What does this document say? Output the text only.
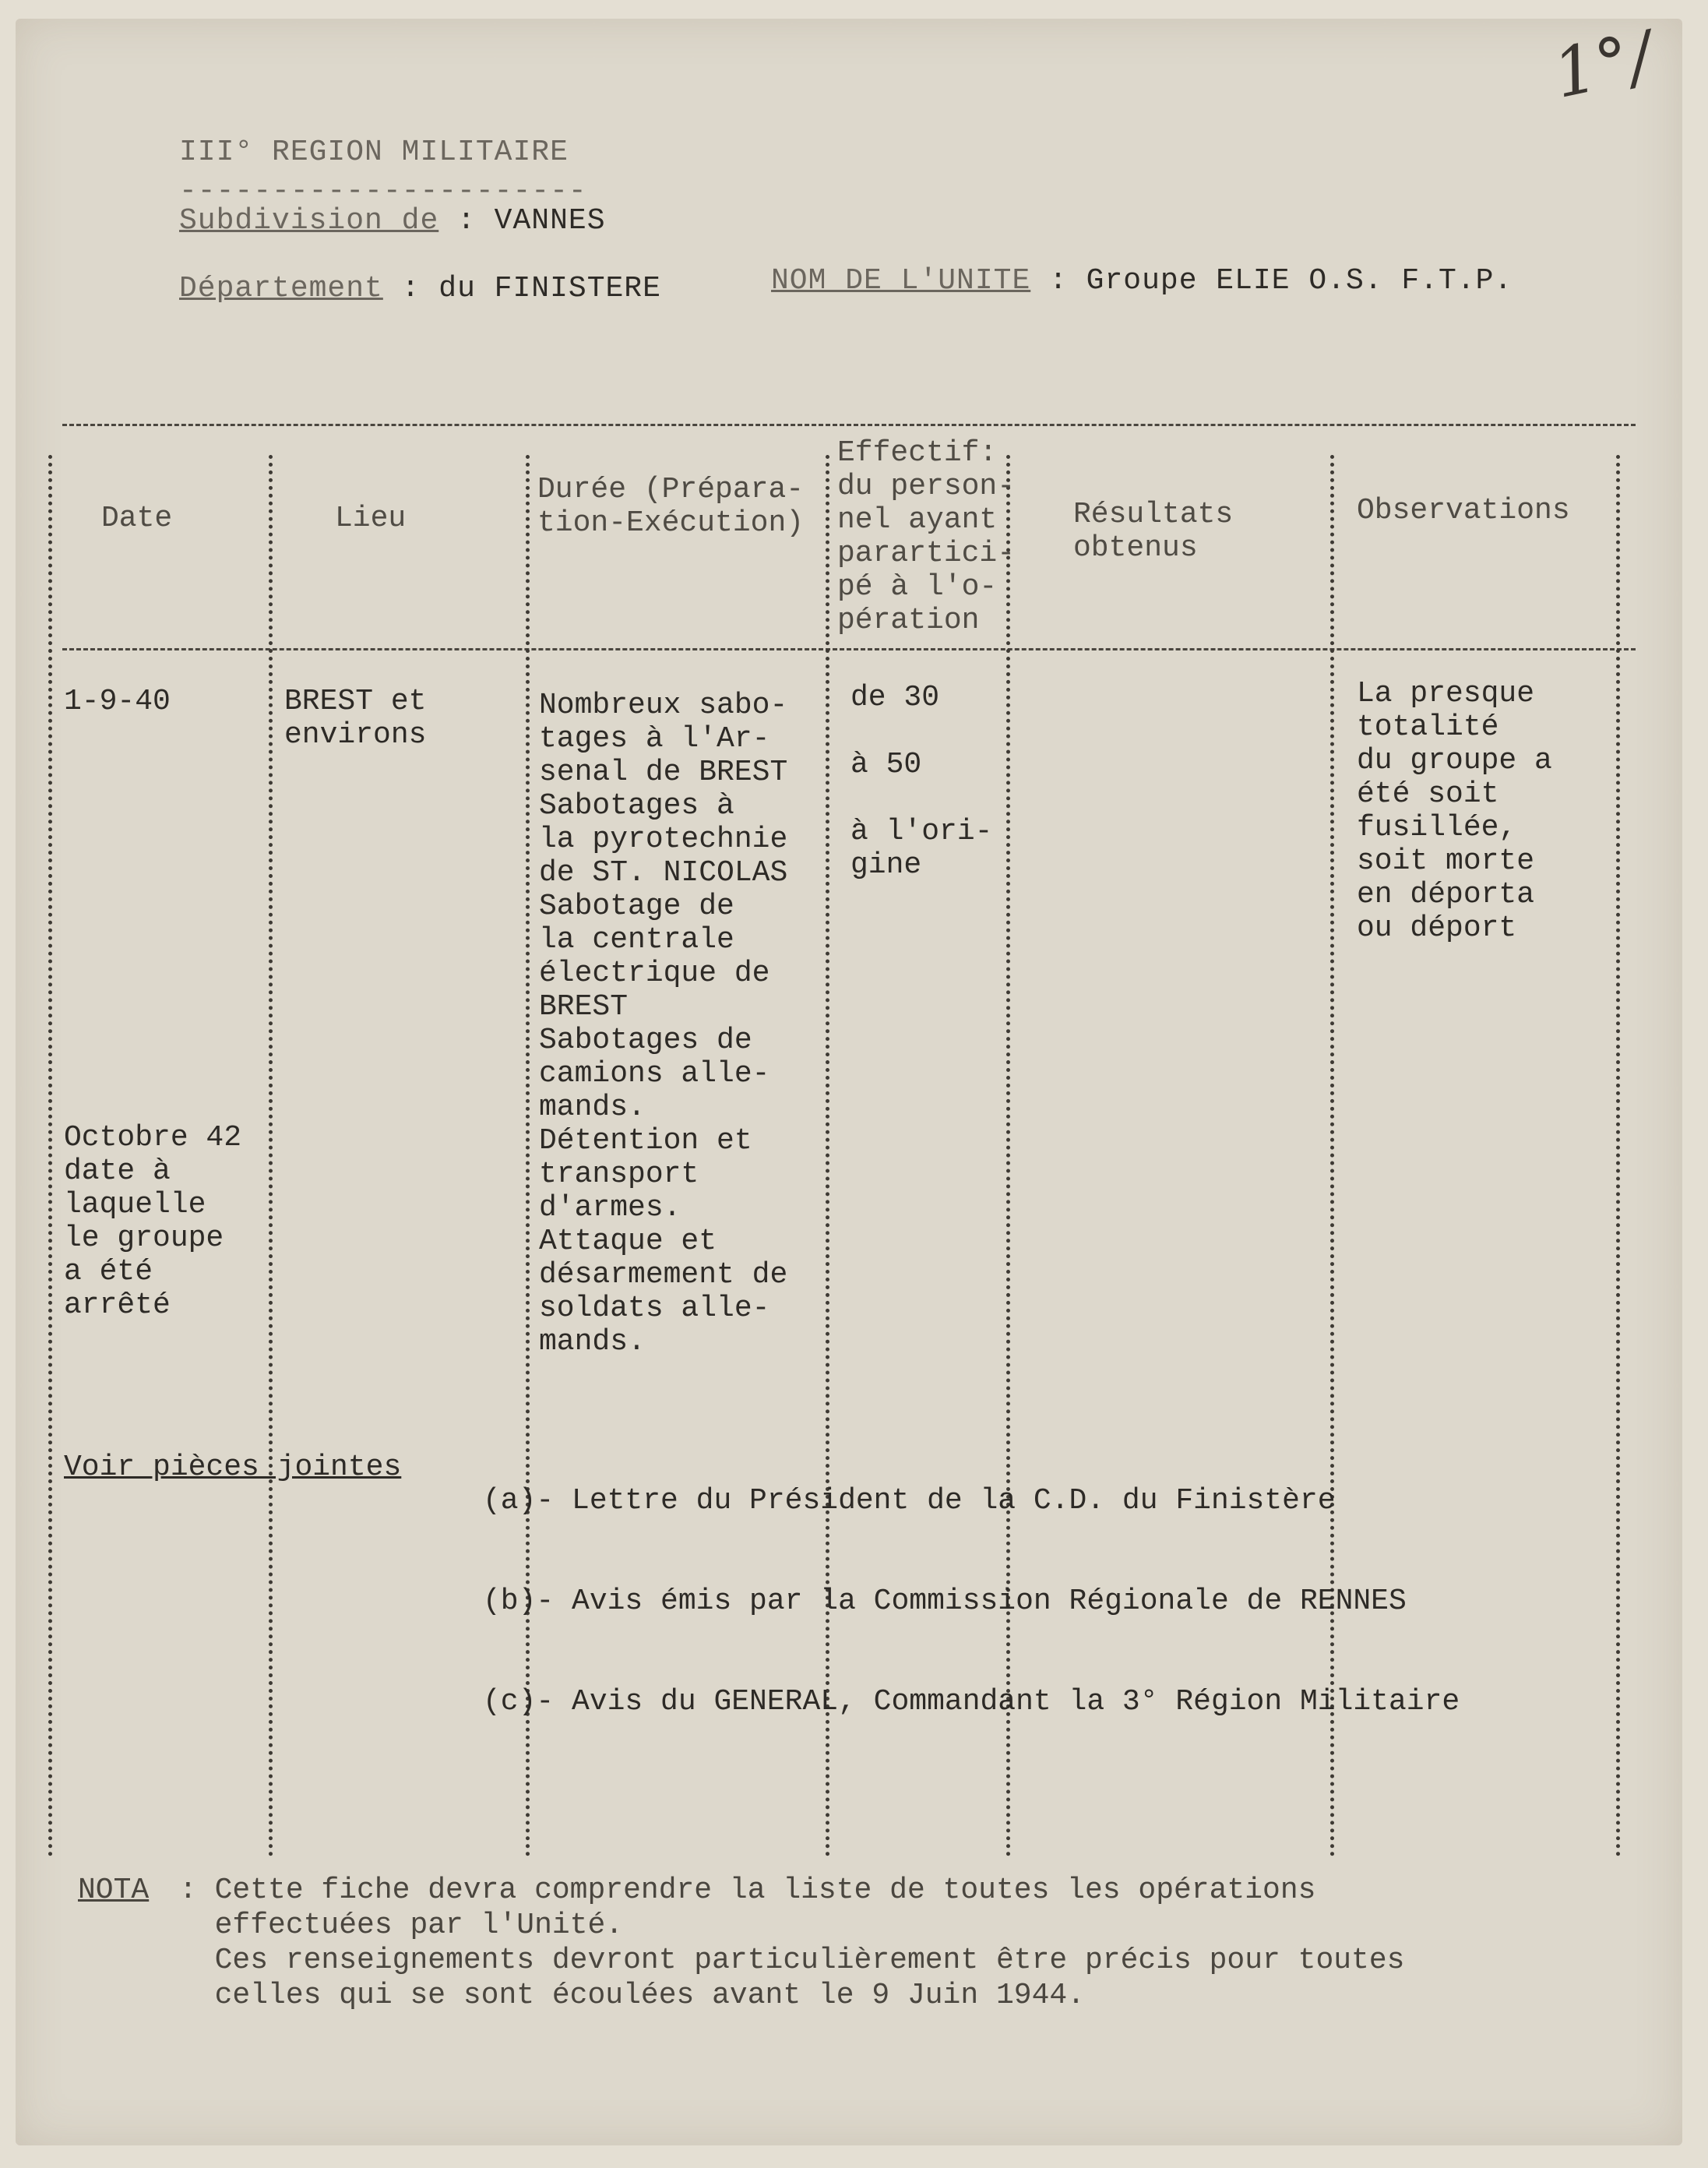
1°/
III° REGION MILITAIRE
----------------------
Subdivision de : VANNES
Département : du FINISTERE	NOM DE L'UNITE : Groupe ELIE O.S. F.T.P.
Date	Lieu
Durée (Prépara-
tion-Exécution)
Effectif:
du person-
nel ayant
parartici-
pé à l'o-
pération
Résultats
obtenus
Observations
1-9-40
Octobre 42
date à
laquelle
le groupe
a été
arrêté
BREST et
environs
Nombreux sabo-
tages à l'Ar-
senal de BREST
Sabotages à
la pyrotechnie
de ST. NICOLAS
Sabotage de
la centrale
électrique de
BREST
Sabotages de
camions alle-
mands.
Détention et
transport
d'armes.
Attaque et
désarmement de
soldats alle-
mands.
de 30

à 50

à l'ori-
gine
La presque
totalité
du groupe a
été soit
fusillée,
soit morte
en déporta
ou déport
Voir pièces jointes

(a)- Lettre du Président de la C.D. du Finistère

(b)- Avis émis par la Commission Régionale de RENNES

(c)- Avis du GENERAL, Commandant la 3° Région Militaire

NOTA : Cette fiche devra comprendre la liste de toutes les opérations
effectuées par l'Unité.
Ces renseignements devront particulièrement être précis pour toutes
celles qui se sont écoulées avant le 9 Juin 1944.
